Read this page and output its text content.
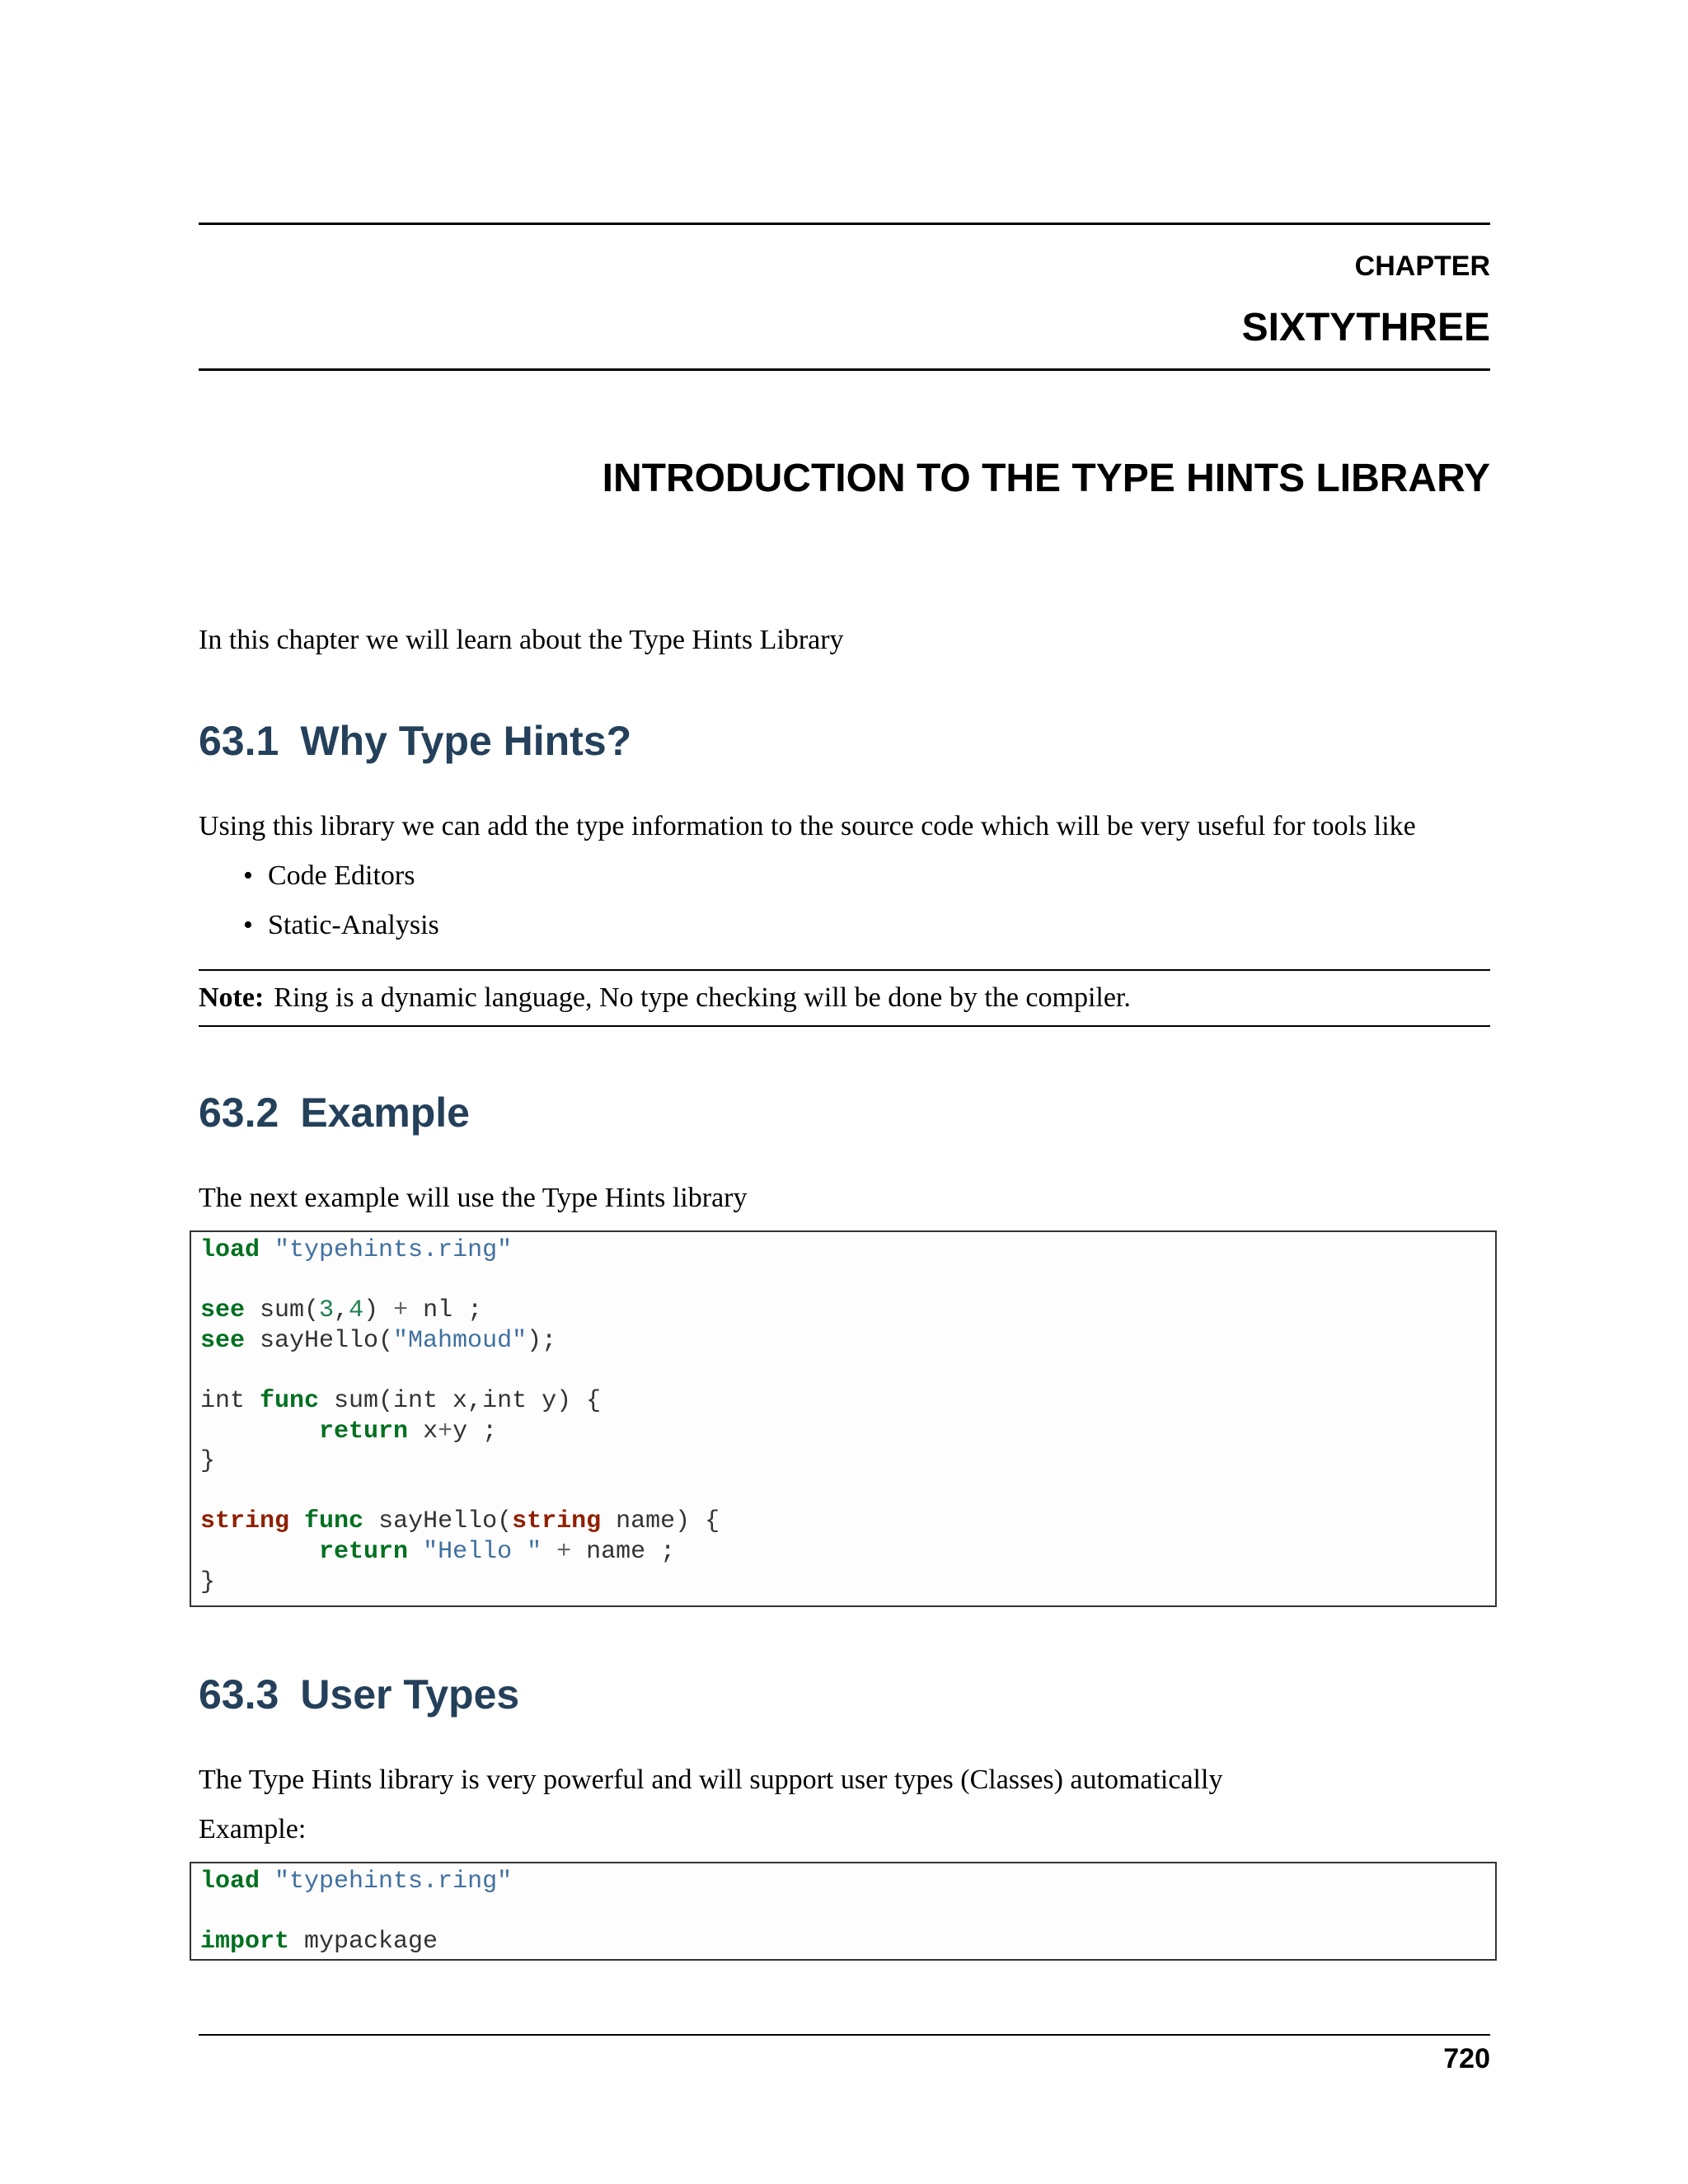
CHAPTER
SIXTYTHREE
INTRODUCTION TO THE TYPE HINTS LIBRARY
In this chapter we will learn about the Type Hints Library
63.1 Why Type Hints?
Using this library we can add the type information to the source code which will be very useful for tools like
• Code Editors
• Static-Analysis
Note: Ring is a dynamic language, No type checking will be done by the compiler.
63.2 Example
The next example will use the Type Hints library
load "typehints.ring"
see sum(3,4) + nl ;
see sayHello("Mahmoud");
int func sum(int x,int y) {
return x+y ;
}
string func sayHello(string name) {
return "Hello " + name ;
}
63.3 User Types
The Type Hints library is very powerful and will support user types (Classes) automatically
Example:
load "typehints.ring"
import mypackage
720
